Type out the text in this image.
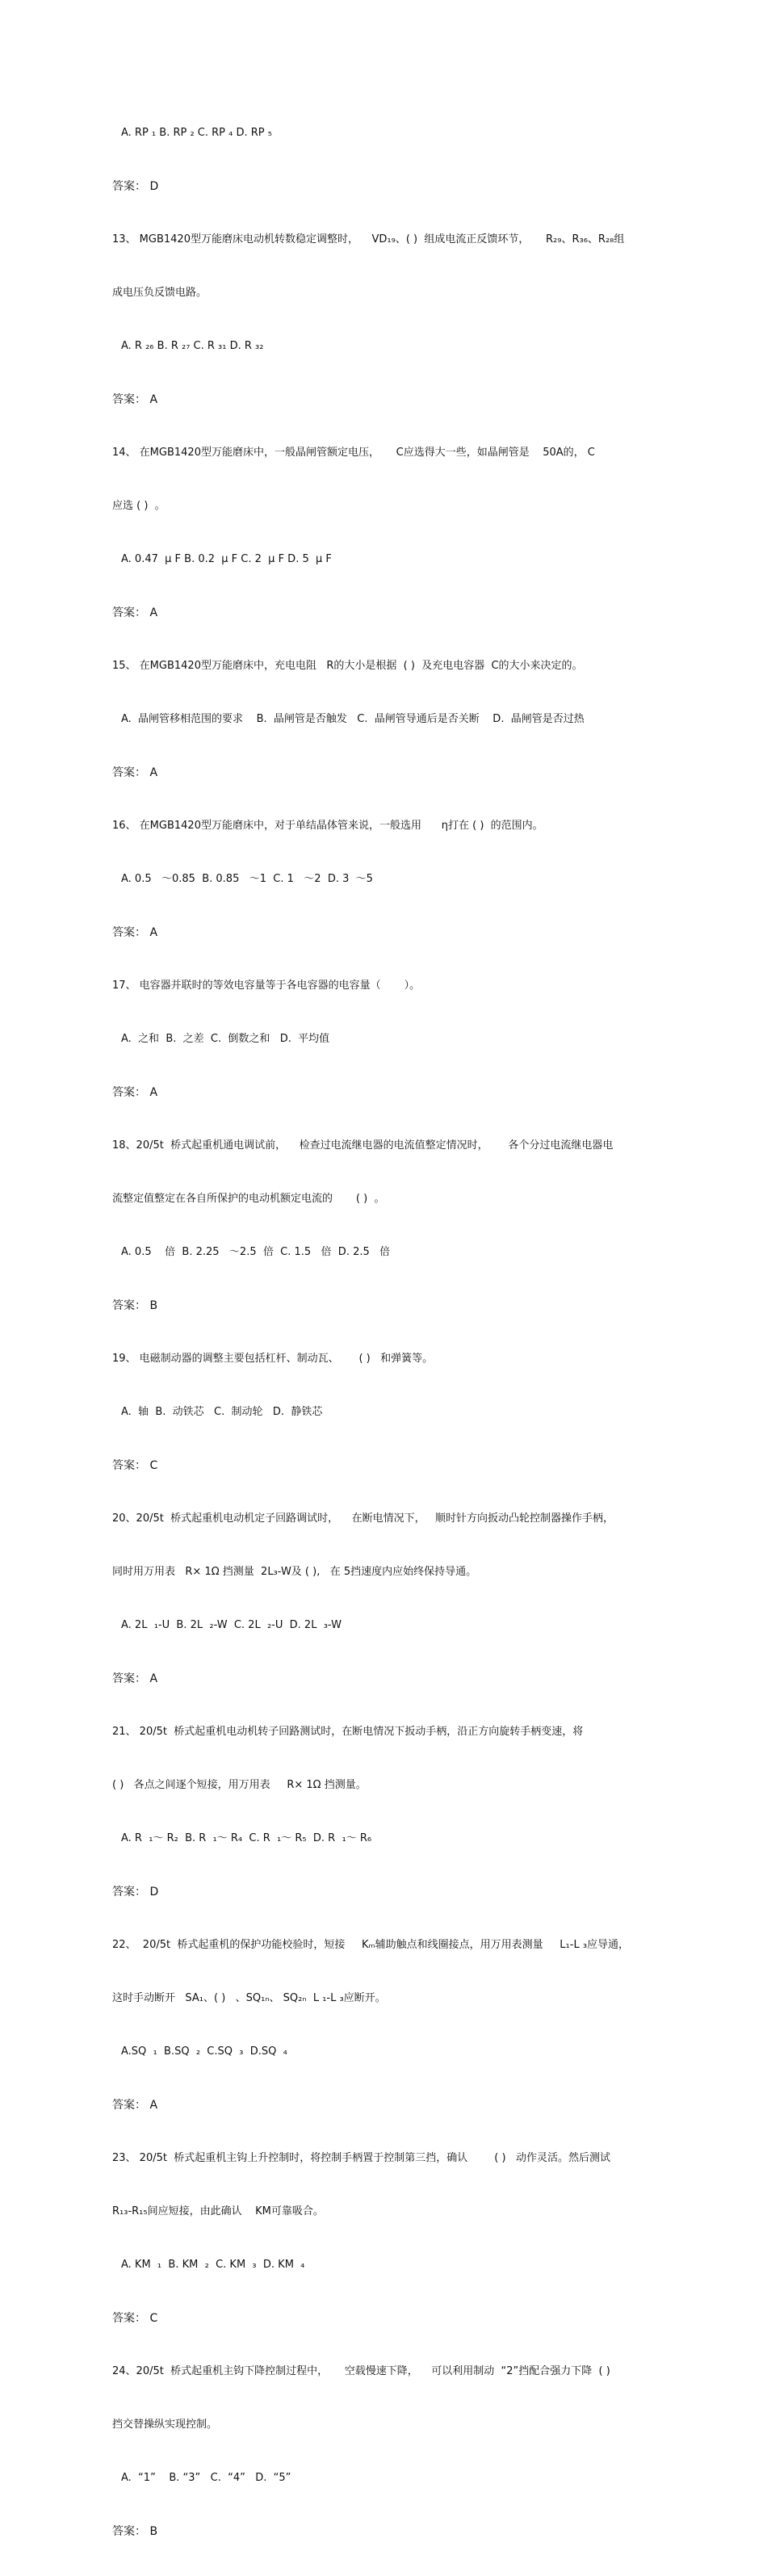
A. RP ₁ B. RP ₂ C. RP ₄ D. RP ₅

答案： D

13、 MGB1420型万能磨床电动机转数稳定调整时，    VD₁₉、( )  组成电流正反馈环节，     R₂₉、R₃₆、R₂₈组

成电压负反馈电路。

A. R ₂₆ B. R ₂₇ C. R ₃₁ D. R ₃₂

答案： A

14、 在MGB1420型万能磨床中，一般晶闸管额定电压，     C应选得大一些，如晶闸管是    50A的， C

应选 ( )  。

A. 0.47  μ F B. 0.2  μ F C. 2  μ F D. 5  μ F

答案： A

15、 在MGB1420型万能磨床中，充电电阻   R的大小是根据  ( )  及充电电容器  C的大小来决定的。

A.  晶闸管移相范围的要求    B.  晶闸管是否触发   C.  晶闸管导通后是否关断    D.  晶闸管是否过热

答案： A

16、 在MGB1420型万能磨床中，对于单结晶体管来说，一般选用      η打在 ( )  的范围内。

A. 0.5   ～0.85  B. 0.85   ～1  C. 1   ～2  D. 3  ～5

答案： A

17、 电容器并联时的等效电容量等于各电容器的电容量（       ）。

A.  之和  B.  之差  C.  倒数之和   D.  平均值

答案： A

18、20/5t  桥式起重机通电调试前，    检查过电流继电器的电流值整定情况时，      各个分过电流继电器电

流整定值整定在各自所保护的电动机额定电流的       ( )  。

A. 0.5    倍  B. 2.25   ～2.5  倍  C. 1.5   倍  D. 2.5   倍

答案： B

19、 电磁制动器的调整主要包括杠杆、制动瓦、      ( )   和弹簧等。

A.  轴  B.  动铁芯   C.  制动轮   D.  静铁芯

答案： C

20、20/5t  桥式起重机电动机定子回路调试时，    在断电情况下，   顺时针方向扳动凸轮控制器操作手柄，

同时用万用表   R× 1Ω 挡测量  2L₃-W及 ( ),   在 5挡速度内应始终保持导通。

A. 2L  ₁-U  B. 2L  ₂-W  C. 2L  ₂-U  D. 2L  ₃-W

答案： A

21、 20/5t  桥式起重机电动机转子回路测试时，在断电情况下扳动手柄，沿正方向旋转手柄变速，将

( )   各点之间逐个短接，用万用表     R× 1Ω 挡测量。

A. R  ₁～ R₂  B. R  ₁～ R₄  C. R  ₁～ R₅  D. R  ₁～ R₆

答案： D

22、  20/5t  桥式起重机的保护功能校验时，短接     Kₘ辅助触点和线圈接点，用万用表测量     L₁-L ₃应导通，

这时手动断开   SA₁、( )   、SQ₁ₙ、 SQ₂ₙ  L ₁-L ₃应断开。

A.SQ  ₁  B.SQ  ₂  C.SQ  ₃  D.SQ  ₄

答案： A

23、 20/5t  桥式起重机主钩上升控制时，将控制手柄置于控制第三挡，确认        ( )   动作灵活。然后测试

R₁₃-R₁₅间应短接，由此确认    KM可靠吸合。

A. KM  ₁  B. KM  ₂  C. KM  ₃  D. KM  ₄

答案： C

24、20/5t  桥式起重机主钩下降控制过程中，     空载慢速下降，    可以利用制动  “2”挡配合强力下降  ( )

挡交替操纵实现控制。

A.  “1”    B. “3”   C.  “4”   D.  “5”

答案： B
